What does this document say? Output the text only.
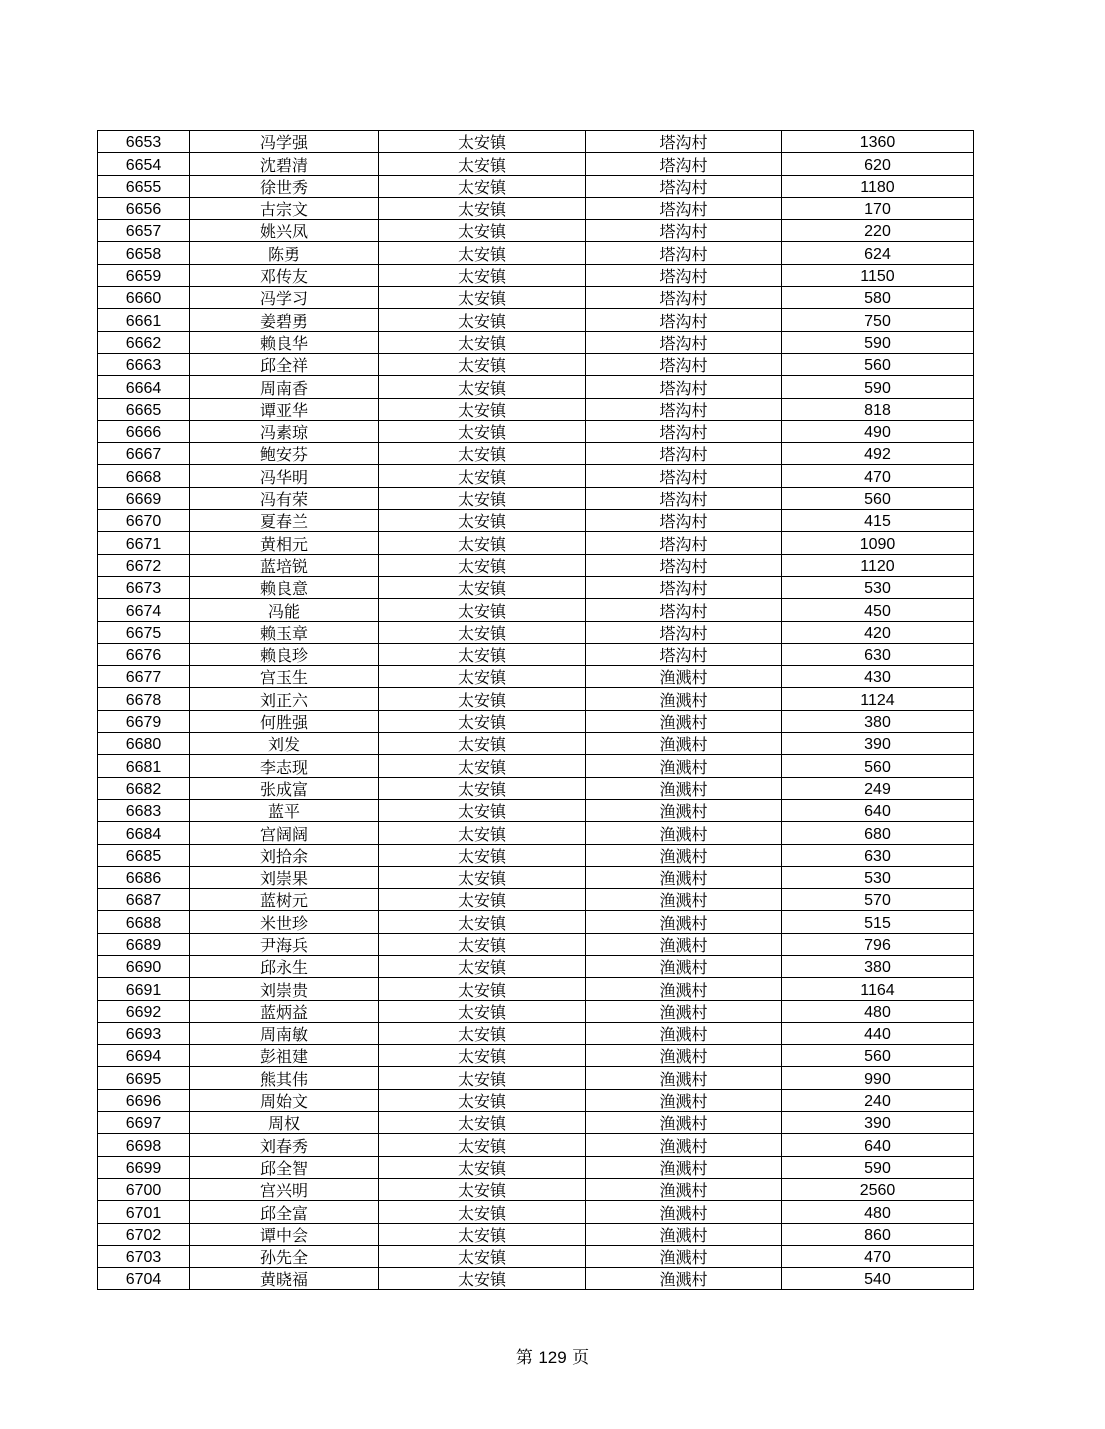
6653	冯学强	太安镇	塔沟村	1360
6654	沈碧清	太安镇	塔沟村	620
6655	徐世秀	太安镇	塔沟村	1180
6656	古宗文	太安镇	塔沟村	170
6657	姚兴凤	太安镇	塔沟村	220
6658	陈勇	太安镇	塔沟村	624
6659	邓传友	太安镇	塔沟村	1150
6660	冯学习	太安镇	塔沟村	580
6661	姜碧勇	太安镇	塔沟村	750
6662	赖良华	太安镇	塔沟村	590
6663	邱全祥	太安镇	塔沟村	560
6664	周南香	太安镇	塔沟村	590
6665	谭亚华	太安镇	塔沟村	818
6666	冯素琼	太安镇	塔沟村	490
6667	鲍安芬	太安镇	塔沟村	492
6668	冯华明	太安镇	塔沟村	470
6669	冯有荣	太安镇	塔沟村	560
6670	夏春兰	太安镇	塔沟村	415
6671	黄相元	太安镇	塔沟村	1090
6672	蓝培锐	太安镇	塔沟村	1120
6673	赖良意	太安镇	塔沟村	530
6674	冯能	太安镇	塔沟村	450
6675	赖玉章	太安镇	塔沟村	420
6676	赖良珍	太安镇	塔沟村	630
6677	宫玉生	太安镇	渔溅村	430
6678	刘正六	太安镇	渔溅村	1124
6679	何胜强	太安镇	渔溅村	380
6680	刘发	太安镇	渔溅村	390
6681	李志现	太安镇	渔溅村	560
6682	张成富	太安镇	渔溅村	249
6683	蓝平	太安镇	渔溅村	640
6684	宫阔阔	太安镇	渔溅村	680
6685	刘拾余	太安镇	渔溅村	630
6686	刘崇果	太安镇	渔溅村	530
6687	蓝树元	太安镇	渔溅村	570
6688	米世珍	太安镇	渔溅村	515
6689	尹海兵	太安镇	渔溅村	796
6690	邱永生	太安镇	渔溅村	380
6691	刘崇贵	太安镇	渔溅村	1164
6692	蓝炳益	太安镇	渔溅村	480
6693	周南敏	太安镇	渔溅村	440
6694	彭祖建	太安镇	渔溅村	560
6695	熊其伟	太安镇	渔溅村	990
6696	周始文	太安镇	渔溅村	240
6697	周权	太安镇	渔溅村	390
6698	刘春秀	太安镇	渔溅村	640
6699	邱全智	太安镇	渔溅村	590
6700	宫兴明	太安镇	渔溅村	2560
6701	邱全富	太安镇	渔溅村	480
6702	谭中会	太安镇	渔溅村	860
6703	孙先全	太安镇	渔溅村	470
6704	黄晓福	太安镇	渔溅村	540
第 129 页
